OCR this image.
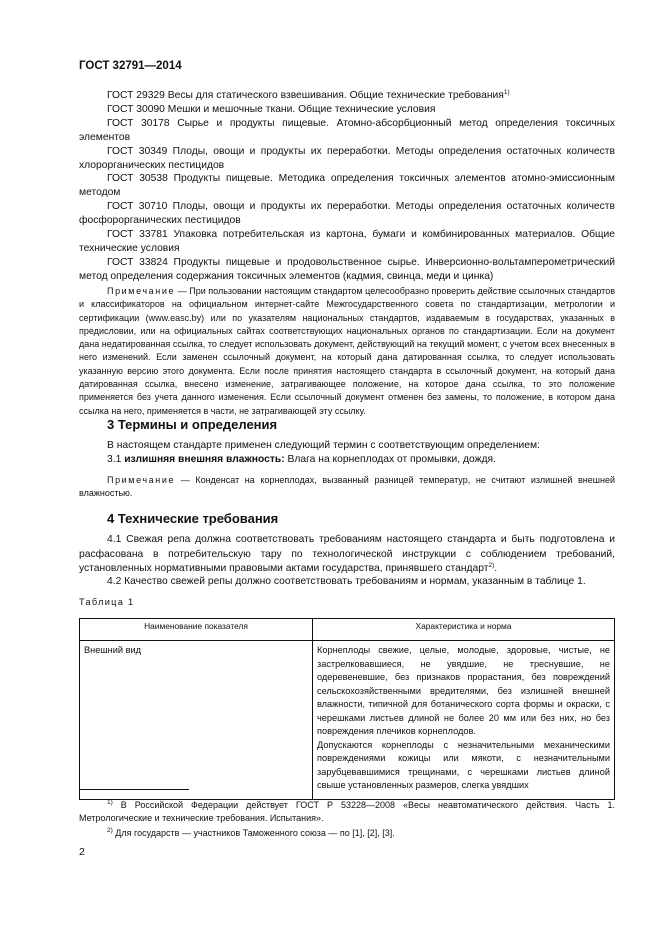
ГОСТ 32791—2014

ГОСТ 29329 Весы для статического взвешивания. Общие технические требования$^{1)}$

ГОСТ 30090 Мешки и мешочные ткани. Общие технические условия

ГОСТ 30178 Сырье и продукты пищевые. Атомно-абсорбционный метод определения токсичных элементов

ГОСТ 30349 Плоды, овощи и продукты их переработки. Методы определения остаточных количеств хлорорганических пестицидов

ГОСТ 30538 Продукты пищевые. Методика определения токсичных элементов атомно-эмиссионным методом

ГОСТ 30710 Плоды, овощи и продукты их переработки. Методы определения остаточных количеств фосфорорганических пестицидов

ГОСТ 33781 Упаковка потребительская из картона, бумаги и комбинированных материалов. Общие технические условия

ГОСТ 33824 Продукты пищевые и продовольственное сырье. Инверсионно-вольтамперометрический метод определения содержания токсичных элементов (кадмия, свинца, меди и цинка)

Примечание — При пользовании настоящим стандартом целесообразно проверить действие ссылочных стандартов и классификаторов на официальном интернет-сайте Межгосударственного совета по стандартизации, метрологии и сертификации (www.easc.by) или по указателям национальных стандартов, издаваемым в государствах, указанных в предисловии, или на официальных сайтах соответствующих национальных органов по стандартизации. Если на документ дана недатированная ссылка, то следует использовать документ, действующий на текущий момент, с учетом всех внесенных в него изменений. Если заменен ссылочный документ, на который дана датированная ссылка, то следует использовать указанную версию этого документа. Если после принятия настоящего стандарта в ссылочный документ, на который дана датированная ссылка, внесено изменение, затрагивающее положение, на которое дана ссылка, то это положение применяется без учета данного изменения. Если ссылочный документ отменен без замены, то положение, в котором дана ссылка на него, применяется в части, не затрагивающей эту ссылку.

3 Термины и определения

В настоящем стандарте применен следующий термин с соответствующим определением:

3.1 излишняя внешняя влажность: Влага на корнеплодах от промывки, дождя.

Примечание — Конденсат на корнеплодах, вызванный разницей температур, не считают излишней внешней влажностью.

4 Технические требования

4.1 Свежая репа должна соответствовать требованиям настоящего стандарта и быть подготовлена и расфасована в потребительскую тару по технологической инструкции с соблюдением требований, установленных нормативными правовыми актами государства, принявшего стандарт$^{2)}$.

4.2 Качество свежей репы должно соответствовать требованиям и нормам, указанным в таблице 1.

Таблица 1
Наименование показателя	Характеристика и норма
Внешний вид	Корнеплоды свежие, целые, молодые, здоровые, чистые, не застрелковавшиеся, не увядшие, не треснувшие, не одеревеневшие, без признаков прорастания, без повреждений сельскохозяйственными вредителями, без излишней внешней влажности, типичной для ботанического сорта формы и окраски, с черешками листьев длиной не более 20 мм или без них, но без повреждения плечиков корнеплодов.
Допускаются корнеплоды с незначительными механическими повреждениями кожицы или мякоти, с незначительными зарубцевавшимися трещинами, с черешками листьев длиной свыше установленных размеров, слегка увядших

$^{1)}$ В Российской Федерации действует ГОСТ Р 53228—2008 «Весы неавтоматического действия. Часть 1. Метрологические и технические требования. Испытания».

$^{2)}$ Для государств — участников Таможенного союза — по [1], [2], [3].

2
